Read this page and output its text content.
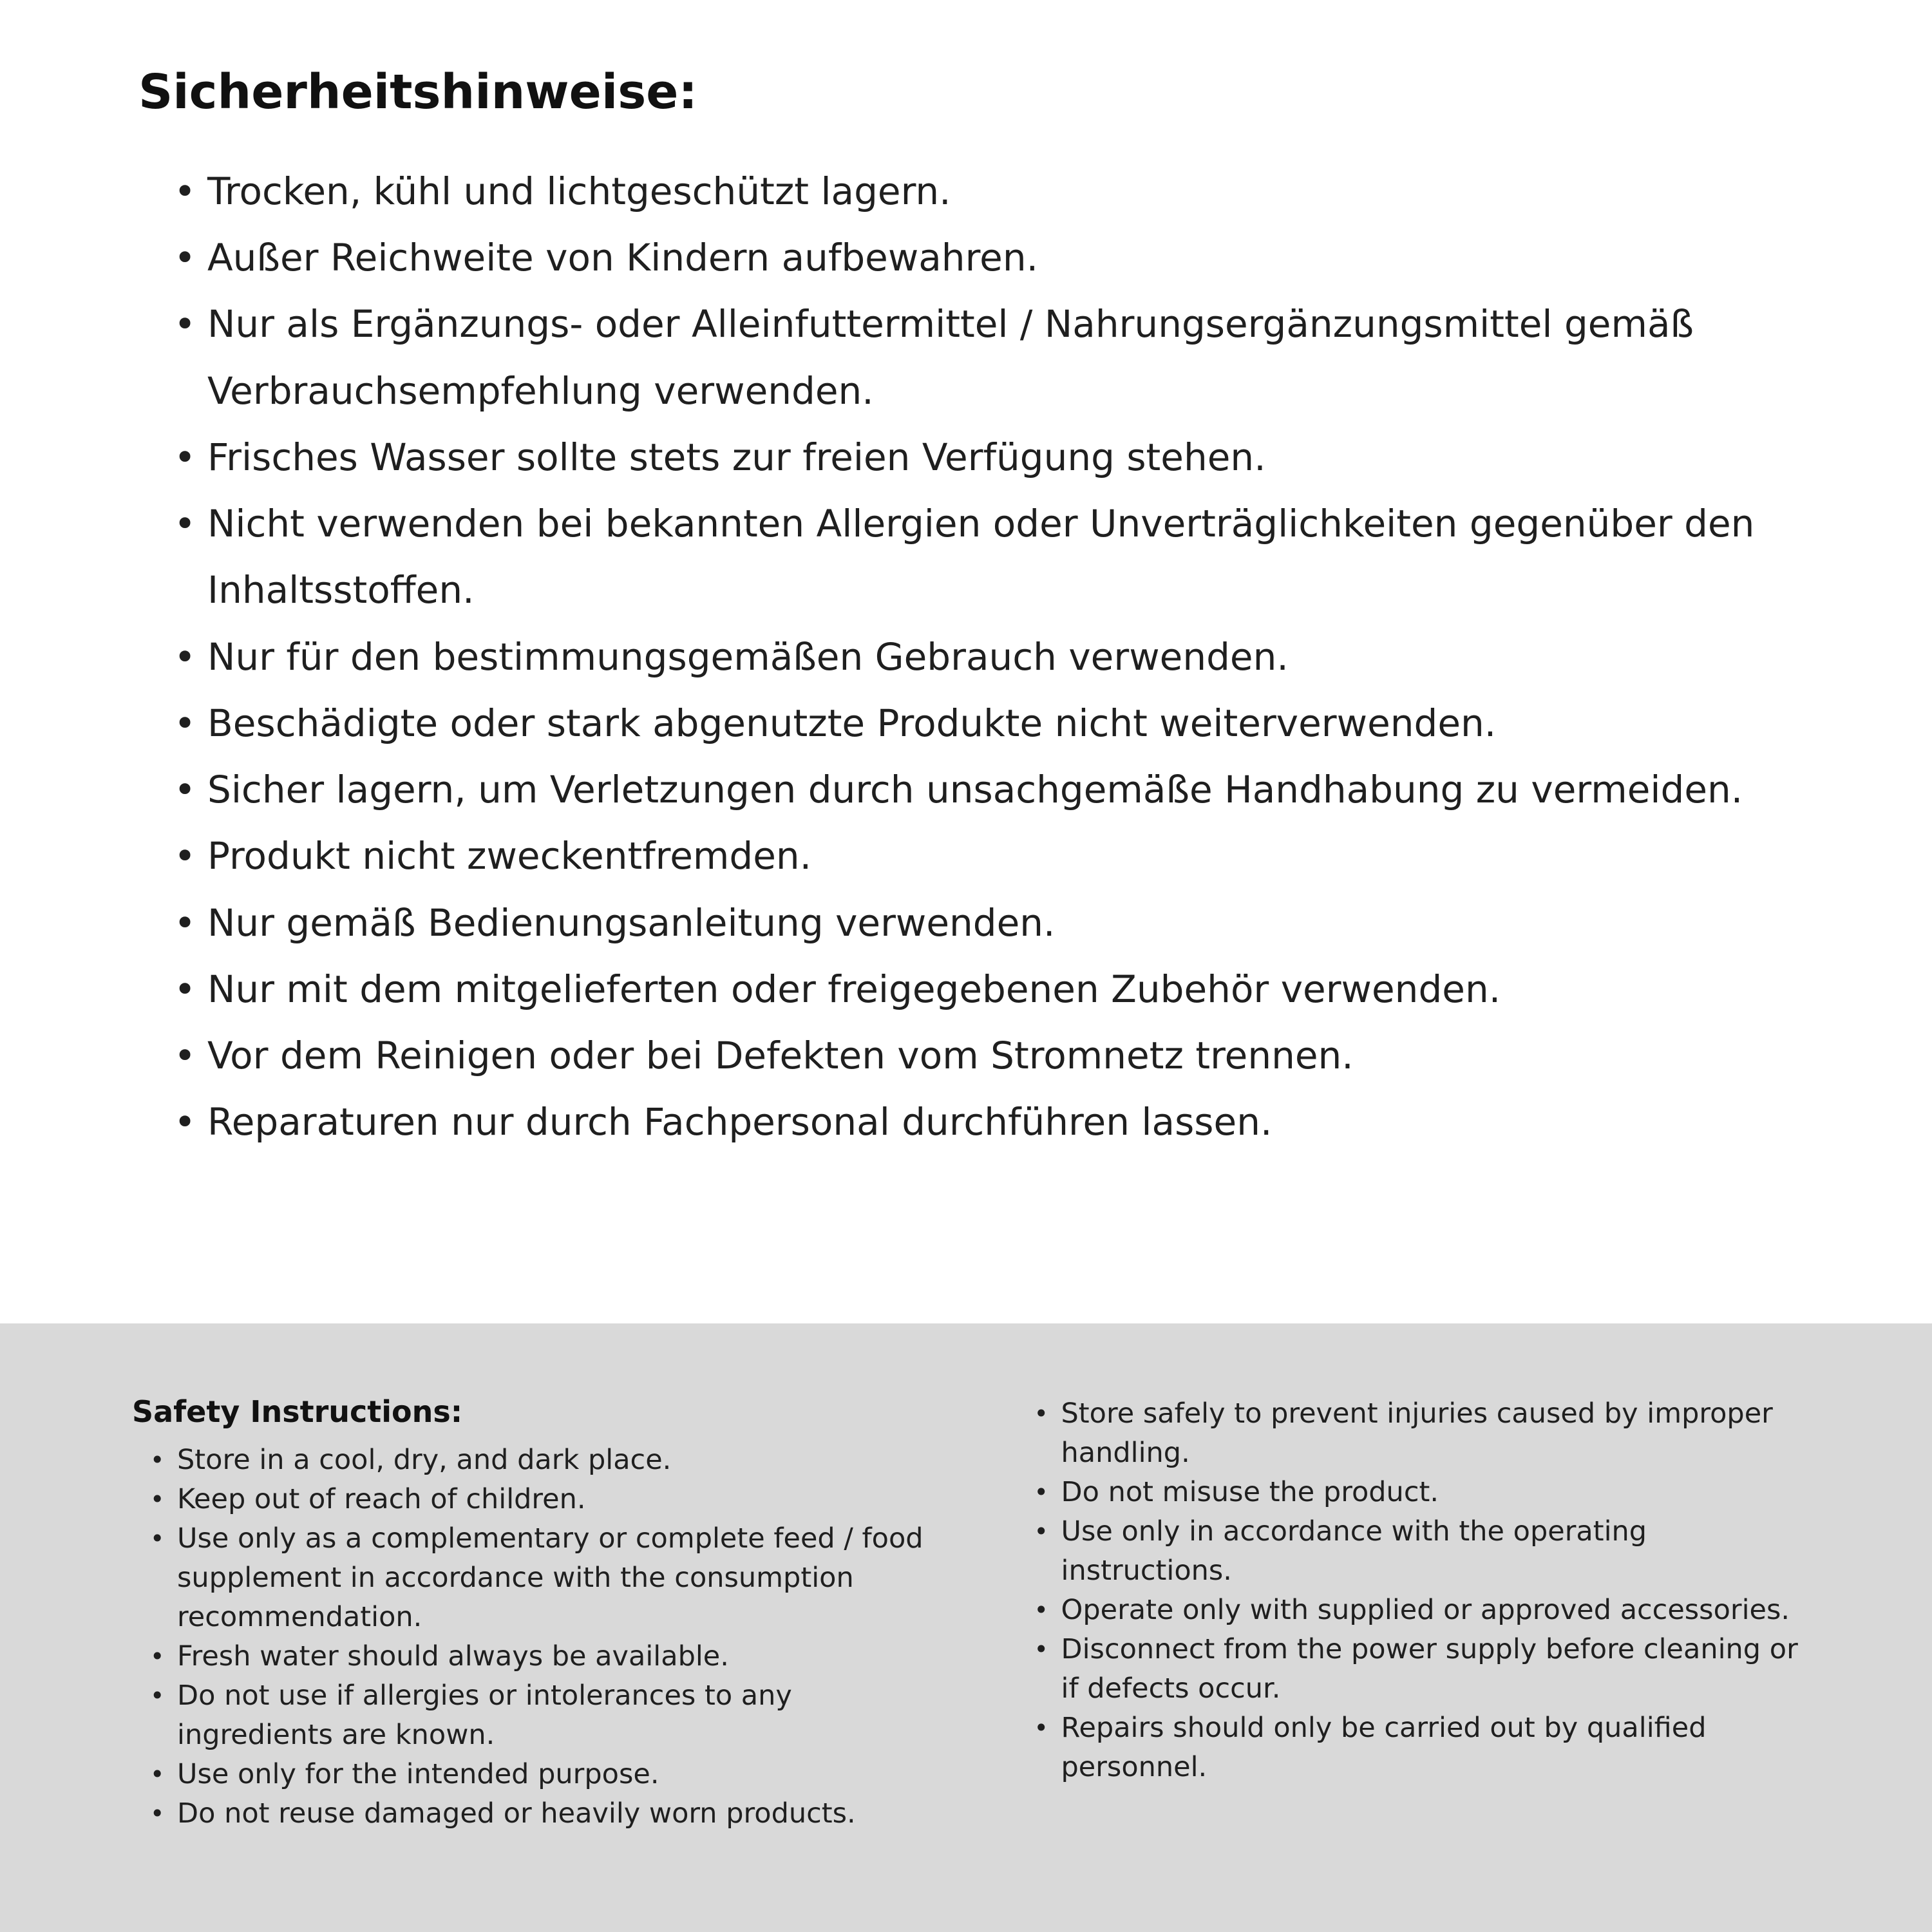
Sicherheitshinweise:
•
Trocken, kühl und lichtgeschützt lagern.
•
Außer Reichweite von Kindern aufbewahren.
•
Nur als Ergänzungs- oder Alleinfuttermittel / Nahrungsergänzungsmittel gemäß Verbrauchsempfehlung verwenden.
•
Frisches Wasser sollte stets zur freien Verfügung stehen.
•
Nicht verwenden bei bekannten Allergien oder Unverträglichkeiten gegenüber den Inhaltsstoffen.
•
Nur für den bestimmungsgemäßen Gebrauch verwenden.
•
Beschädigte oder stark abgenutzte Produkte nicht weiterverwenden.
•
Sicher lagern, um Verletzungen durch unsachgemäße Handhabung zu vermeiden.
•
Produkt nicht zweckentfremden.
•
Nur gemäß Bedienungsanleitung verwenden.
•
Nur mit dem mitgelieferten oder freigegebenen Zubehör verwenden.
•
Vor dem Reinigen oder bei Defekten vom Stromnetz trennen.
•
Reparaturen nur durch Fachpersonal durchführen lassen.
Safety Instructions:
•
Store in a cool, dry, and dark place.
•
Keep out of reach of children.
•
Use only as a complementary or complete feed / food supplement in accordance with the consumption recommendation.
•
Fresh water should always be available.
•
Do not use if allergies or intolerances to any ingredients are known.
•
Use only for the intended purpose.
•
Do not reuse damaged or heavily worn products.
•
Store safely to prevent injuries caused by improper handling.
•
Do not misuse the product.
•
Use only in accordance with the operating instructions.
•
Operate only with supplied or approved accessories.
•
Disconnect from the power supply before cleaning or if defects occur.
•
Repairs should only be carried out by qualified personnel.
